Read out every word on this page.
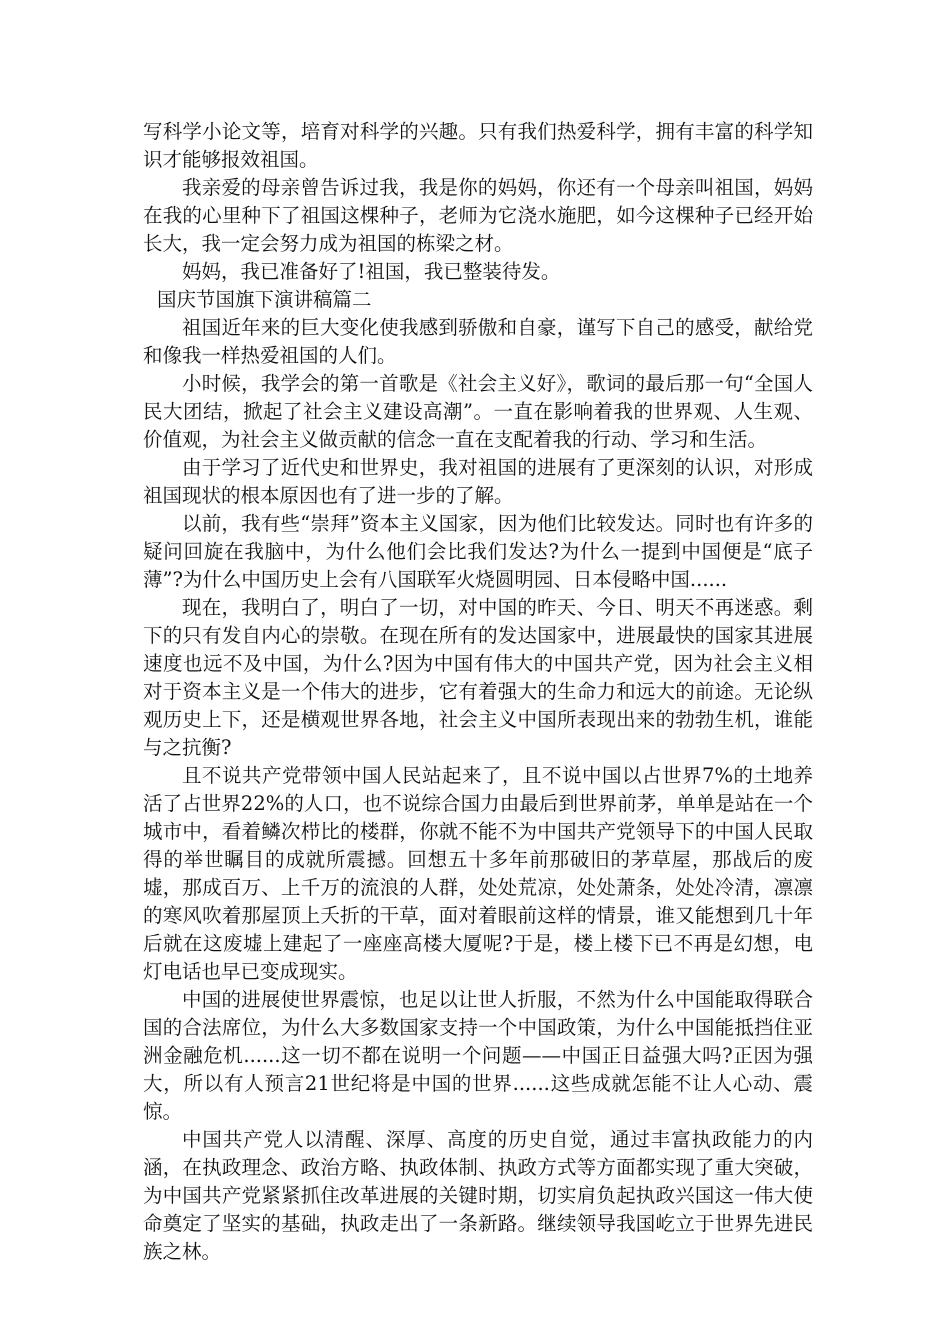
写科学小论文等，培育对科学的兴趣。只有我们热爱科学，拥有丰富的科学知识才能够报效祖国。

我亲爱的母亲曾告诉过我，我是你的妈妈，你还有一个母亲叫祖国，妈妈在我的心里种下了祖国这棵种子，老师为它浇水施肥，如今这棵种子已经开始长大，我一定会努力成为祖国的栋梁之材。

妈妈，我已准备好了!祖国，我已整装待发。

国庆节国旗下演讲稿篇二

祖国近年来的巨大变化使我感到骄傲和自豪，谨写下自己的感受，献给党和像我一样热爱祖国的人们。

小时候，我学会的第一首歌是《社会主义好》，歌词的最后那一句“全国人民大团结，掀起了社会主义建设高潮”。一直在影响着我的世界观、人生观、价值观，为社会主义做贡献的信念一直在支配着我的行动、学习和生活。

由于学习了近代史和世界史，我对祖国的进展有了更深刻的认识，对形成祖国现状的根本原因也有了进一步的了解。

以前，我有些“崇拜”资本主义国家，因为他们比较发达。同时也有许多的疑问回旋在我脑中，为什么他们会比我们发达?为什么一提到中国便是“底子薄”?为什么中国历史上会有八国联军火烧圆明园、日本侵略中国......

现在，我明白了，明白了一切，对中国的昨天、今日、明天不再迷惑。剩下的只有发自内心的崇敬。在现在所有的发达国家中，进展最快的国家其进展速度也远不及中国，为什么?因为中国有伟大的中国共产党，因为社会主义相对于资本主义是一个伟大的进步，它有着强大的生命力和远大的前途。无论纵观历史上下，还是横观世界各地，社会主义中国所表现出来的勃勃生机，谁能与之抗衡?

且不说共产党带领中国人民站起来了，且不说中国以占世界7%的土地养活了占世界22%的人口，也不说综合国力由最后到世界前茅，单单是站在一个城市中，看着鳞次栉比的楼群，你就不能不为中国共产党领导下的中国人民取得的举世瞩目的成就所震撼。回想五十多年前那破旧的茅草屋，那战后的废墟，那成百万、上千万的流浪的人群，处处荒凉，处处萧条，处处冷清，凛凛的寒风吹着那屋顶上夭折的干草，面对着眼前这样的情景，谁又能想到几十年后就在这废墟上建起了一座座高楼大厦呢?于是，楼上楼下已不再是幻想，电灯电话也早已变成现实。

中国的进展使世界震惊，也足以让世人折服，不然为什么中国能取得联合国的合法席位，为什么大多数国家支持一个中国政策，为什么中国能抵挡住亚洲金融危机......这一切不都在说明一个问题——中国正日益强大吗?正因为强大，所以有人预言21世纪将是中国的世界......这些成就怎能不让人心动、震惊。

中国共产党人以清醒、深厚、高度的历史自觉，通过丰富执政能力的内涵，在执政理念、政治方略、执政体制、执政方式等方面都实现了重大突破，为中国共产党紧紧抓住改革进展的关键时期，切实肩负起执政兴国这一伟大使命奠定了坚实的基础，执政走出了一条新路。继续领导我国屹立于世界先进民族之林。
